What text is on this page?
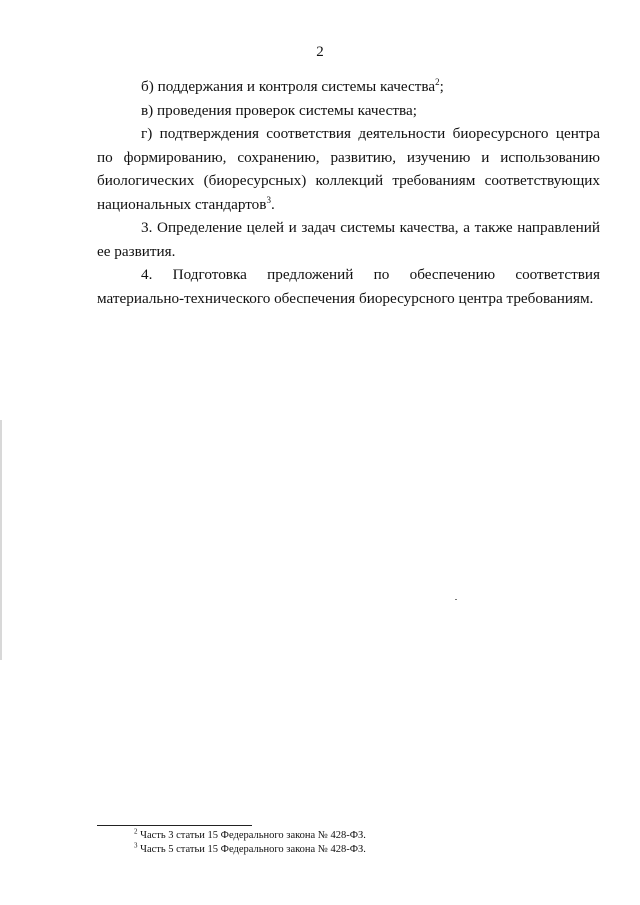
2

б) поддержания и контроля системы качества$^2$;

в) проведения проверок системы качества;

г) подтверждения соответствия деятельности биоресурсного центра по формированию, сохранению, развитию, изучению и использованию биологических (биоресурсных) коллекций требованиям соответствующих национальных стандартов$^3$.

3. Определение целей и задач системы качества, а также направлений ее развития.

4. Подготовка предложений по обеспечению соответствия материально-технического обеспечения биоресурсного центра требованиям.

$^2$ Часть 3 статьи 15 Федерального закона № 428-ФЗ.
$^3$ Часть 5 статьи 15 Федерального закона № 428-ФЗ.
